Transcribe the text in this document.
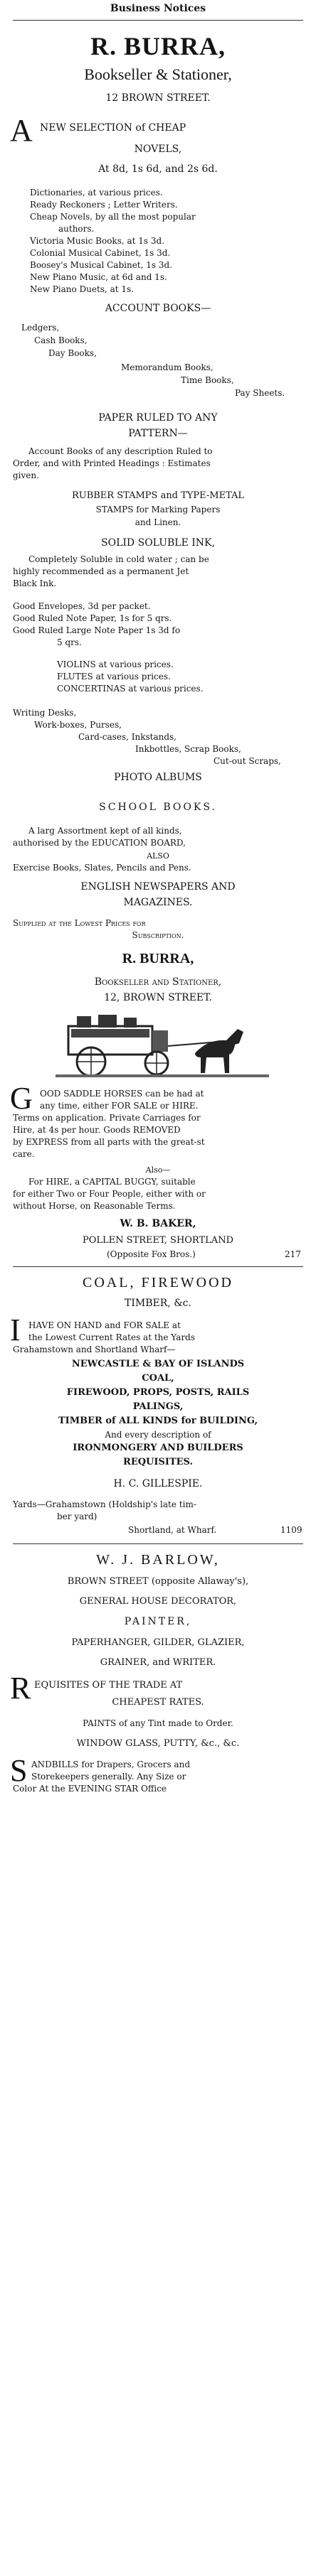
Business Notices
R. BURRA,
Bookseller & Stationer,
12 BROWN STREET.
A NEW SELECTION of CHEAP
NOVELS,
At 8d, 1s 6d, and 2s 6d.
Dictionaries, at various prices.
Ready Reckoners ; Letter Writers.
Cheap Novels, by all the most popular
authors.
Victoria Music Books, at 1s 3d.
Colonial Musical Cabinet, 1s 3d.
Boosey's Musical Cabinet, 1s 3d.
New Piano Music, at 6d and 1s.
New Piano Duets, at 1s.
ACCOUNT BOOKS—
Ledgers,
Cash Books,
Day Books,
Memorandum Books,
Time Books,
Pay Sheets.
PAPER RULED TO ANY
PATTERN—
Account Books of any description Ruled to
Order, and with Printed Headings : Estimates
given.
RUBBER STAMPS and TYPE-METAL
STAMPS for Marking Papers
and Linen.
SOLID SOLUBLE INK,
Completely Soluble in cold water ; can be
highly recommended as a permanent Jet
Black Ink.
Good Envelopes, 3d per packet.
Good Ruled Note Paper, 1s for 5 qrs.
Good Ruled Large Note Paper 1s 3d fo
5 qrs.
VIOLINS at various prices.
FLUTES at various prices.
CONCERTINAS at various prices.
Writing Desks,
Work-boxes, Purses,
Card-cases, Inkstands,
Inkbottles, Scrap Books,
Cut-out Scraps,
PHOTO ALBUMS
SCHOOL BOOKS.
A larg Assortment kept of all kinds,
authorised by the EDUCATION BOARD,
ALSO
Exercise Books, Slates, Pencils and Pens.
ENGLISH NEWSPAPERS AND
MAGAZINES.
Supplied at the Lowest Prices for
Subscription.
R. BURRA,
Bookseller and Stationer,
12, BROWN STREET.
G OOD SADDLE HORSES can be had at
any time, either FOR SALE or HIRE.
Terms on application. Private Carriages for
Hire, at 4s per hour. Goods REMOVED
by EXPRESS from all parts with the great-st
care.
Also—
For HIRE, a CAPITAL BUGGY, suitable
for either Two or Four People, either with or
without Horse, on Reasonable Terms.
W. B. BAKER,
POLLEN STREET, SHORTLAND
(Opposite Fox Bros.)	217
COAL, FIREWOOD
TIMBER, &c.
I HAVE ON HAND and FOR SALE at
the Lowest Current Rates at the Yards
Grahamstown and Shortland Wharf—
NEWCASTLE & BAY OF ISLANDS
COAL,
FIREWOOD, PROPS, POSTS, RAILS
PALINGS,
TIMBER of ALL KINDS for BUILDING,
And every description of
IRONMONGERY AND BUILDERS
REQUISITES.
H. C. GILLESPIE.
Yards—Grahamstown (Holdship's late tim-
ber yard)
Shortland, at Wharf.	1109
W. J. BARLOW,
BROWN STREET (opposite Allaway's),
GENERAL HOUSE DECORATOR,
PAINTER,
PAPERHANGER, GILDER, GLAZIER,
GRAINER, and WRITER.
R EQUISITES OF THE TRADE AT
CHEAPEST RATES.
PAINTS of any Tint made to Order.
WINDOW GLASS, PUTTY, &c., &c.
S ANDBILLS for Drapers, Grocers and
Storekeepers generally. Any Size or
Color At the EVENING STAR Office
